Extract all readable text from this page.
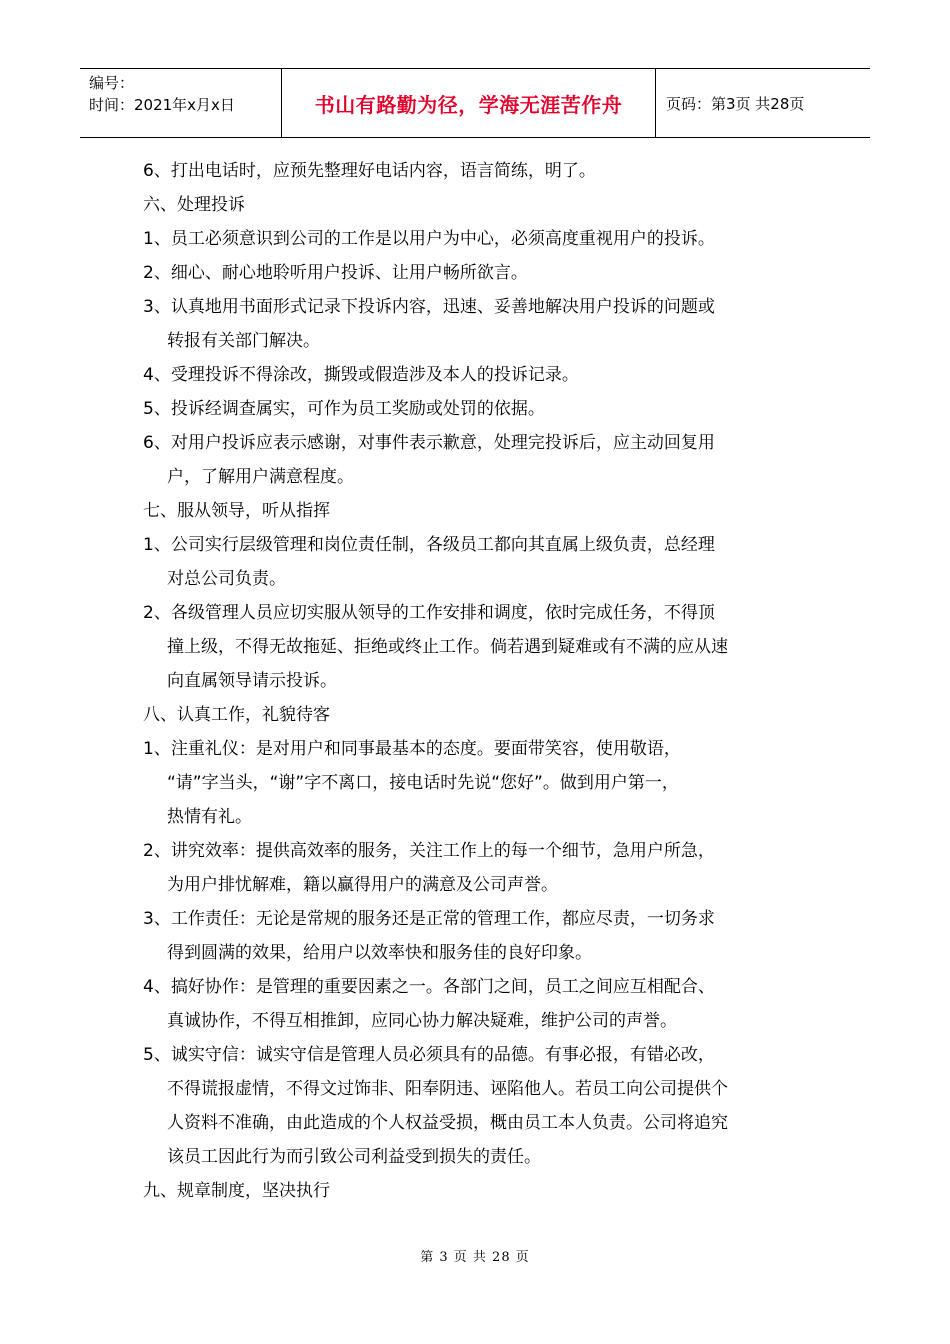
编号：
时间：2021年x月x日	书山有路勤为径，学海无涯苦作舟	页码：第3页 共28页
6、打出电话时，应预先整理好电话内容，语言简练，明了。
六、处理投诉
1、员工必须意识到公司的工作是以用户为中心，必须高度重视用户的投诉。
2、细心、耐心地聆听用户投诉、让用户畅所欲言。
3、认真地用书面形式记录下投诉内容，迅速、妥善地解决用户投诉的问题或
转报有关部门解决。
4、受理投诉不得涂改，撕毁或假造涉及本人的投诉记录。
5、投诉经调查属实，可作为员工奖励或处罚的依据。
6、对用户投诉应表示感谢，对事件表示歉意，处理完投诉后，应主动回复用
户，了解用户满意程度。
七、服从领导，听从指挥
1、公司实行层级管理和岗位责任制，各级员工都向其直属上级负责，总经理
对总公司负责。
2、各级管理人员应切实服从领导的工作安排和调度，依时完成任务，不得顶
撞上级，不得无故拖延、拒绝或终止工作。倘若遇到疑难或有不满的应从速
向直属领导请示投诉。
八、认真工作，礼貌待客
1、注重礼仪：是对用户和同事最基本的态度。要面带笑容，使用敬语，
“请”字当头，“谢”字不离口，接电话时先说“您好”。做到用户第一，
热情有礼。
2、讲究效率：提供高效率的服务，关注工作上的每一个细节，急用户所急，
为用户排忧解难，籍以赢得用户的满意及公司声誉。
3、工作责任：无论是常规的服务还是正常的管理工作，都应尽责，一切务求
得到圆满的效果，给用户以效率快和服务佳的良好印象。
4、搞好协作：是管理的重要因素之一。各部门之间，员工之间应互相配合、
真诚协作，不得互相推卸，应同心协力解决疑难，维护公司的声誉。
5、诚实守信：诚实守信是管理人员必须具有的品德。有事必报，有错必改，
不得谎报虚情，不得文过饰非、阳奉阴违、诬陷他人。若员工向公司提供个
人资料不准确，由此造成的个人权益受损，概由员工本人负责。公司将追究
该员工因此行为而引致公司利益受到损失的责任。
九、规章制度，坚决执行
第 3 页 共 28 页
